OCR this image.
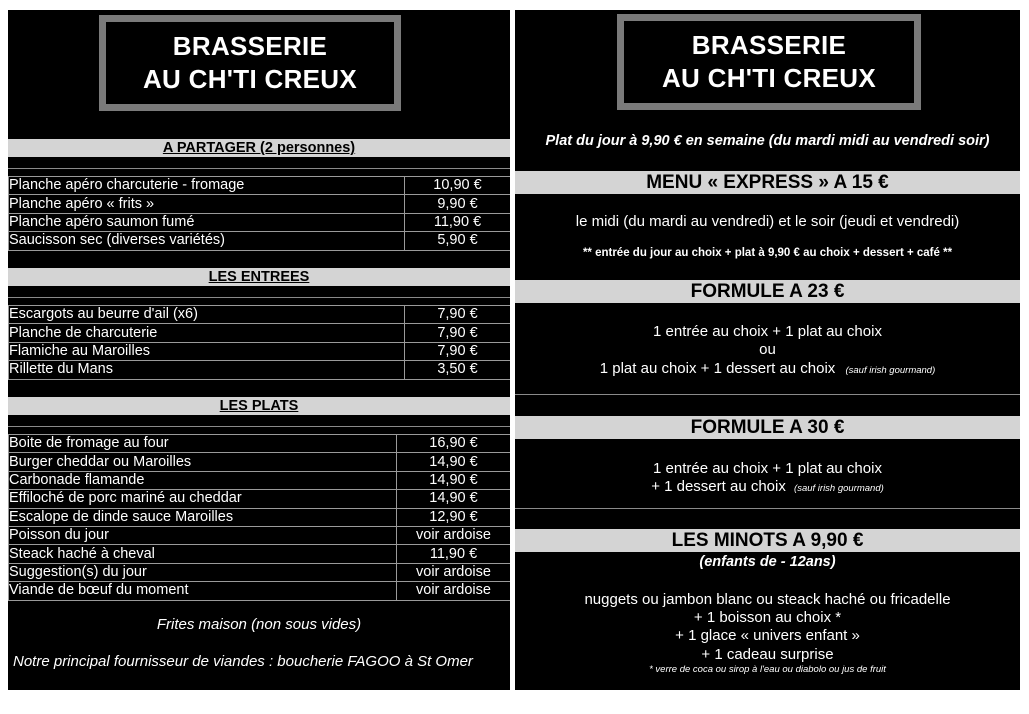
BRASSERIE
AU CH'TI CREUX
A PARTAGER (2 personnes)
Planche apéro charcuterie - fromage	10,90 €
Planche apéro « frits »	9,90 €
Planche apéro saumon fumé	11,90 €
Saucisson sec (diverses variétés)	5,90 €
LES ENTREES
Escargots au beurre d'ail (x6)	7,90 €
Planche de charcuterie	7,90 €
Flamiche au Maroilles	7,90 €
Rillette du Mans	3,50 €
LES PLATS
Boite de fromage au four	16,90 €
Burger cheddar ou Maroilles	14,90 €
Carbonade flamande	14,90 €
Effiloché de porc mariné au cheddar	14,90 €
Escalope de dinde sauce Maroilles	12,90 €
Poisson du jour	voir ardoise
Steack haché à cheval	11,90 €
Suggestion(s) du jour	voir ardoise
Viande de bœuf du moment	voir ardoise
Frites maison (non sous vides)
Notre principal fournisseur de viandes : boucherie FAGOO à St Omer
BRASSERIE
AU CH'TI CREUX
Plat du jour à 9,90 € en semaine (du mardi midi au vendredi soir)
MENU « EXPRESS » A 15 €
le midi (du mardi au vendredi) et le soir (jeudi et vendredi)
** entrée du jour au choix + plat à 9,90 € au choix + dessert + café **
FORMULE A 23 €
1 entrée au choix + 1 plat au choix
ou
1 plat au choix + 1 dessert au choix (sauf irish gourmand)
FORMULE A 30 €
1 entrée au choix + 1 plat au choix
+ 1 dessert au choix (sauf irish gourmand)
LES MINOTS A 9,90 €
(enfants de - 12ans)
nuggets ou jambon blanc ou steack haché ou fricadelle
+ 1 boisson au choix *
+ 1 glace « univers enfant »
+ 1 cadeau surprise
* verre de coca ou sirop à l'eau ou diabolo ou jus de fruit
